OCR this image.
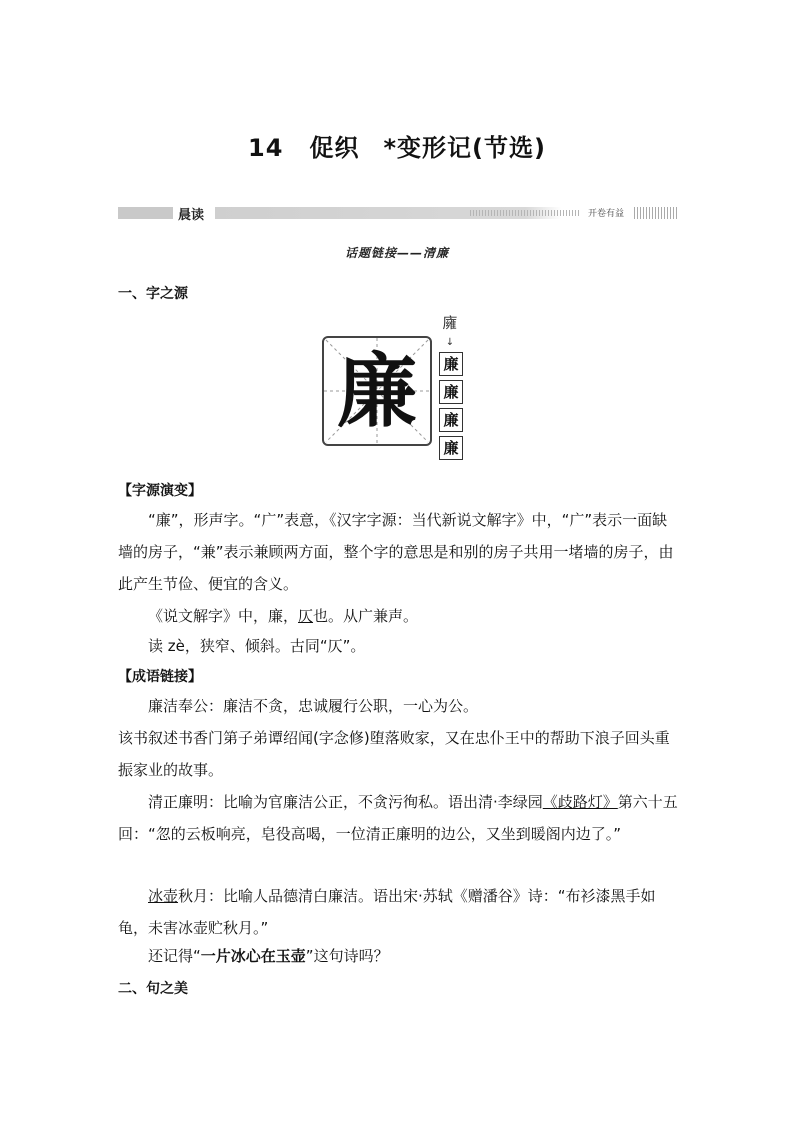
14 促织 *变形记(节选)
晨读	开卷有益
话题链接——清廉
一、字之源
廉
𢋊
↓
廉
廉
廉
廉
【字源演变】
“廉”，形声字。“广”表意，《汉字字源：当代新说文解字》中，“广”表示一面缺墙的房子，“兼”表示兼顾两方面，整个字的意思是和别的房子共用一堵墙的房子，由此产生节俭、便宜的含义。
《说文解字》中，廉，仄也。从广兼声。
读 zè，狭窄、倾斜。古同“仄”。
【成语链接】
廉洁奉公：廉洁不贪，忠诚履行公职，一心为公。
该书叙述书香门第子弟谭绍闻(字念修)堕落败家，又在忠仆王中的帮助下浪子回头重振家业的故事。
清正廉明：比喻为官廉洁公正，不贪污徇私。语出清·李绿园《歧路灯》第六十五回：“忽的云板响亮，皂役高喝，一位清正廉明的边公，又坐到暖阁内边了。”
冰壶秋月：比喻人品德清白廉洁。语出宋·苏轼《赠潘谷》诗：“布衫漆黑手如龟，未害冰壶贮秋月。”
还记得“一片冰心在玉壶”这句诗吗？
二、句之美
